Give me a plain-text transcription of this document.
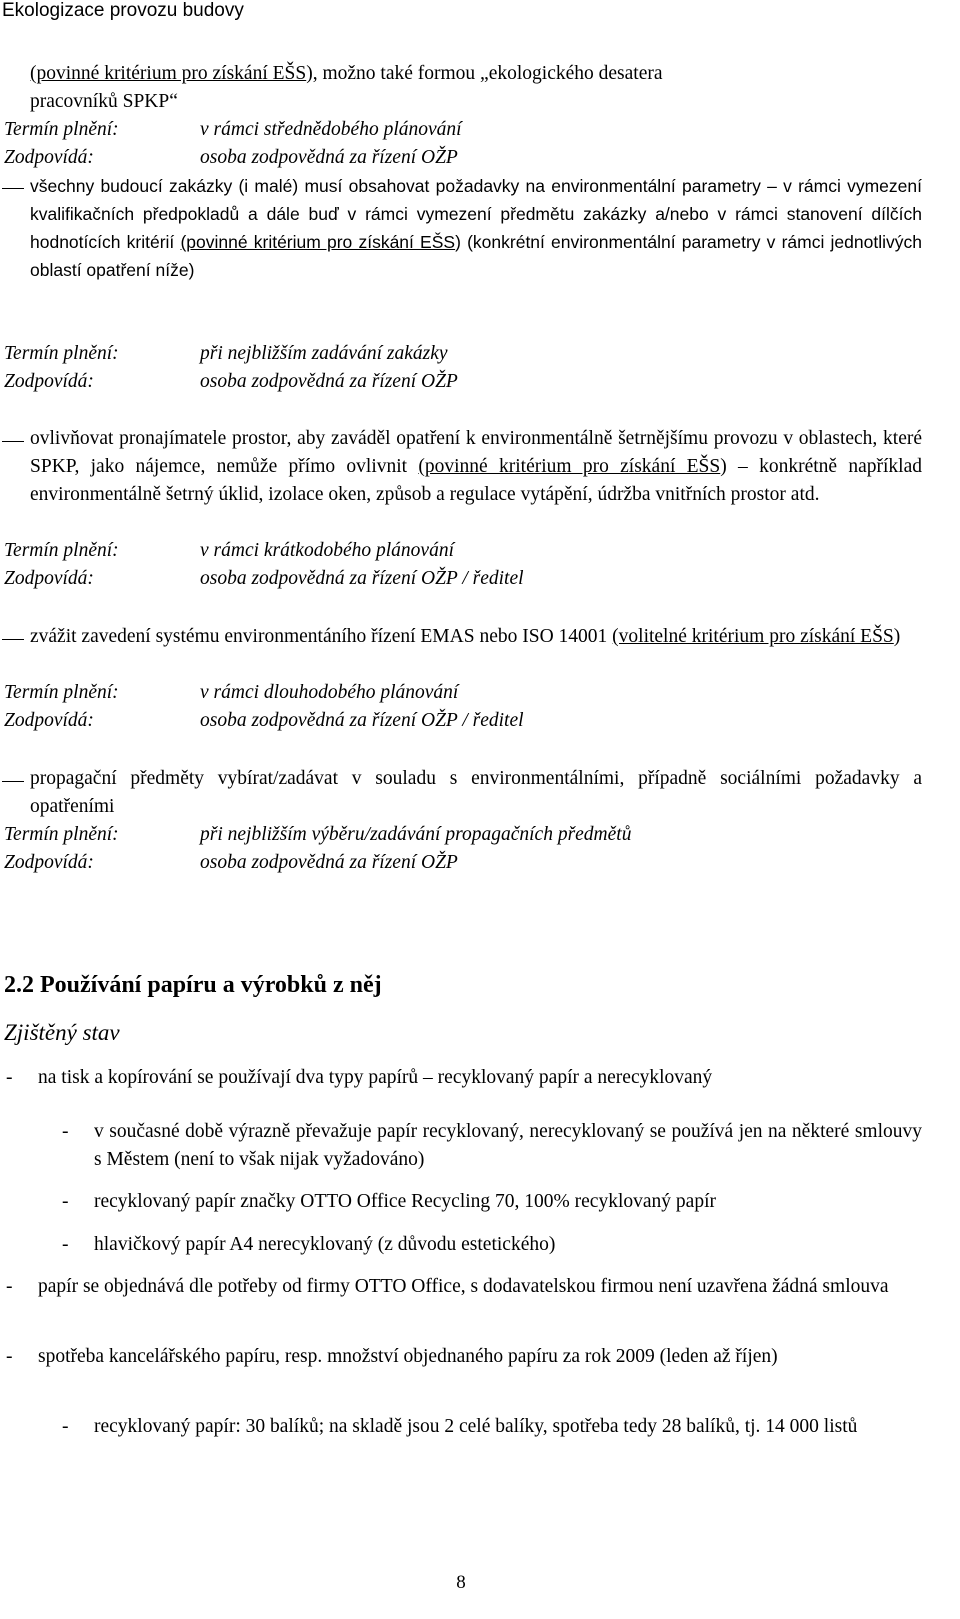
Ekologizace provozu budovy
(povinné kritérium pro získání EŠS), možno také formou „ekologického desatera
pracovníků SPKP“
Termín plnění:	v rámci střednědobého plánování
Zodpovídá:	osoba zodpovědná za řízení OŽP
všechny budoucí zakázky (i malé) musí obsahovat požadavky na environmentální parametry – v rámci vymezení kvalifikačních předpokladů a dále buď v rámci vymezení předmětu zakázky a/nebo v rámci stanovení dílčích hodnotících kritérií (povinné kritérium pro získání EŠS) (konkrétní environmentální parametry v rámci jednotlivých oblastí opatření níže)
Termín plnění:	při nejbližším zadávání zakázky
Zodpovídá:	osoba zodpovědná za řízení OŽP
ovlivňovat pronajímatele prostor, aby zaváděl opatření k environmentálně šetrnějšímu provozu v oblastech, které SPKP, jako nájemce, nemůže přímo ovlivnit (povinné kritérium pro získání EŠS) – konkrétně například environmentálně šetrný úklid, izolace oken, způsob a regulace vytápění, údržba vnitřních prostor atd.
Termín plnění:	v rámci krátkodobého plánování
Zodpovídá:	osoba zodpovědná za řízení OŽP / ředitel
zvážit zavedení systému environmentáního řízení EMAS nebo ISO 14001 (volitelné kritérium pro získání EŠS)
Termín plnění:	v rámci dlouhodobého plánování
Zodpovídá:	osoba zodpovědná za řízení OŽP / ředitel
propagační předměty vybírat/zadávat v souladu s environmentálními, případně sociálními požadavky a opatřeními
Termín plnění:	při nejbližším výběru/zadávání propagačních předmětů
Zodpovídá:	osoba zodpovědná za řízení OŽP
2.2 Používání papíru a výrobků z něj
Zjištěný stav
- na tisk a kopírování se používají dva typy papírů – recyklovaný papír a nerecyklovaný
- v současné době výrazně převažuje papír recyklovaný, nerecyklovaný se používá jen na některé smlouvy s Městem (není to však nijak vyžadováno)
- recyklovaný papír značky OTTO Office Recycling 70, 100% recyklovaný papír
- hlavičkový papír A4 nerecyklovaný (z důvodu estetického)
- papír se objednává dle potřeby od firmy OTTO Office, s dodavatelskou firmou není uzavřena žádná smlouva
- spotřeba kancelářského papíru, resp. množství objednaného papíru za rok 2009 (leden až říjen)
- recyklovaný papír: 30 balíků; na skladě jsou 2 celé balíky, spotřeba tedy 28 balíků, tj. 14 000 listů
8
